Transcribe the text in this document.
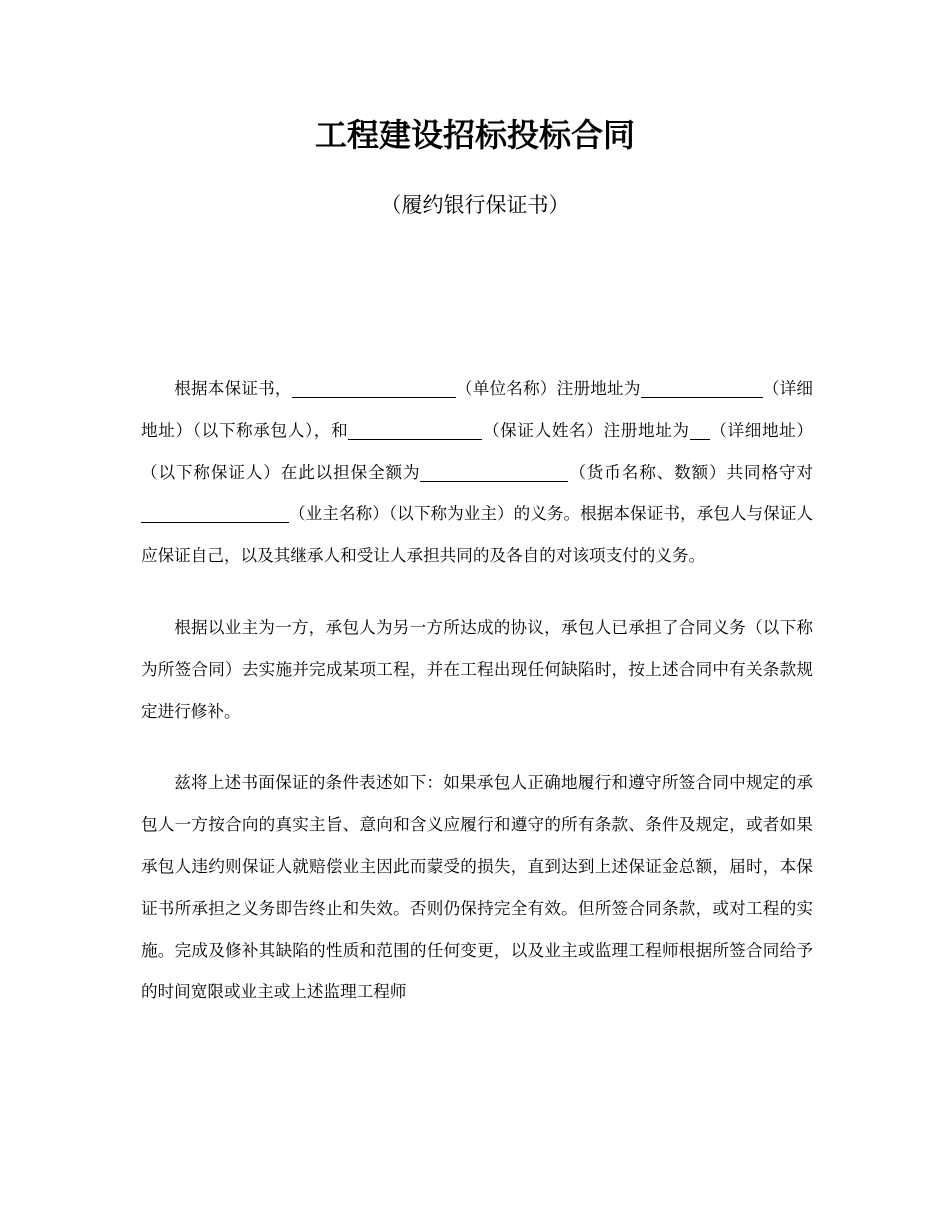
工程建设招标投标合同
（履约银行保证书）

根据本保证书，	（单位名称）注册地址为	（详细地址）（以下称承包人），和	（保证人姓名）注册地址为 （详细地址）（以下称保证人）在此以担保全额为	（货币名称、数额）共同格守对（业主名称）（以下称为业主）的义务。根据本保证书，承包人与保证人应保证自己，以及其继承人和受让人承担共同的及各自的对该项支付的义务。

根据以业主为一方，承包人为另一方所达成的协议，承包人已承担了合同义务（以下称为所签合同）去实施并完成某项工程，并在工程出现任何缺陷时，按上述合同中有关条款规定进行修补。

兹将上述书面保证的条件表述如下：如果承包人正确地履行和遵守所签合同中规定的承包人一方按合向的真实主旨、意向和含义应履行和遵守的所有条款、条件及规定，或者如果承包人违约则保证人就赔偿业主因此而蒙受的损失，直到达到上述保证金总额，届时，本保证书所承担之义务即告终止和失效。否则仍保持完全有效。但所签合同条款，或对工程的实施。完成及修补其缺陷的性质和范围的任何变更，以及业主或监理工程师根据所签合同给予的时间宽限或业主或上述监理工程师
